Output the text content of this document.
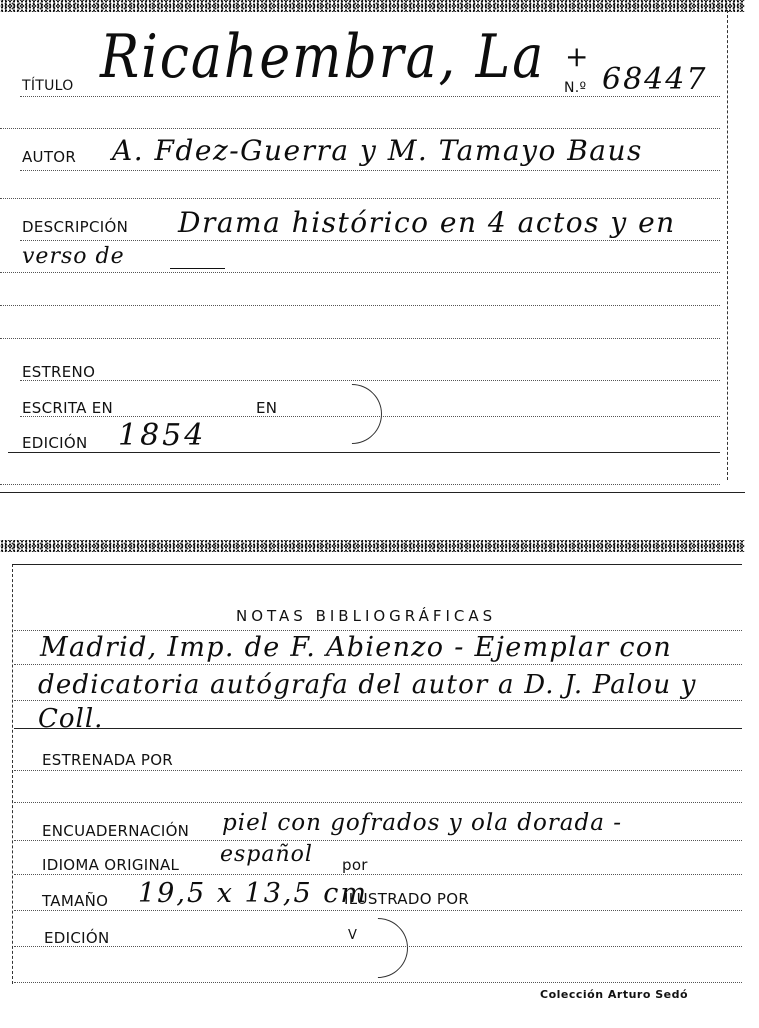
TÍTULO Ricahembra, La +
N.º 68447
AUTOR A. Fdez-Guerra y M. Tamayo Baus
DESCRIPCIÓN Drama histórico en 4 actos y en
verso de
ESTRENO
ESCRITA EN	EN
EDICIÓN 1854
NOTAS BIBLIOGRÁFICAS
Madrid, Imp. de F. Abienzo - Ejemplar con
dedicatoria autógrafa del autor a D. J. Palou y
Coll.
ESTRENADA POR
ENCUADERNACIÓN piel con gofrados y ola dorada -
IDIOMA ORIGINAL español por
TAMAÑO 19,5 x 13,5 cm
ILUSTRADO POR
EDICIÓN	V
Colección Arturo Sedó
